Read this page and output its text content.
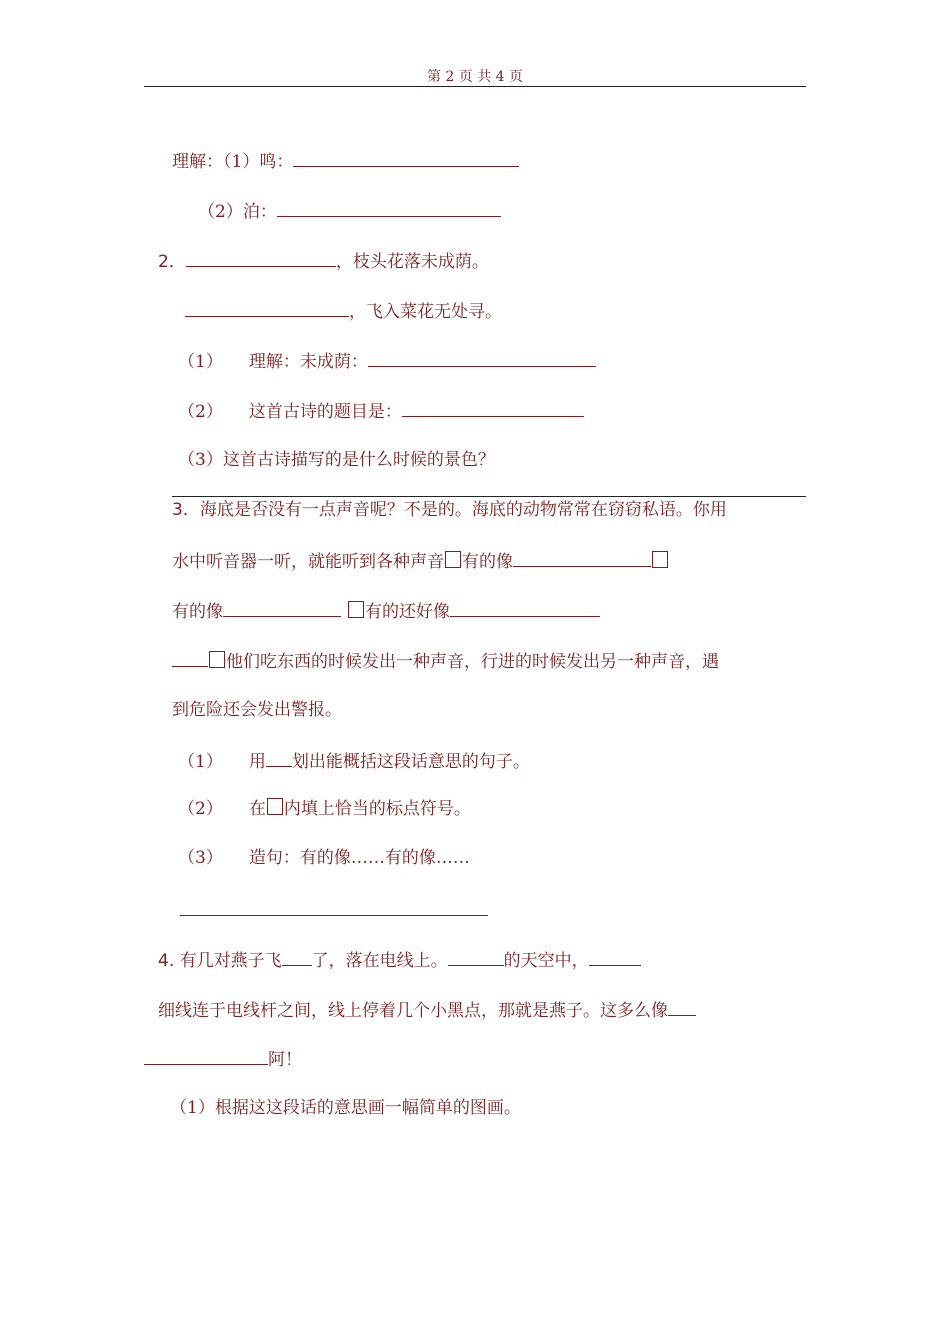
第 2 页 共 4 页
理解：（1）鸣：
（2）泊：
2．	，枝头花落未成荫。
，飞入菜花无处寻。
（1） 理解：未成荫：
（2） 这首古诗的题目是：
（3）这首古诗描写的是什么时候的景色？
3．海底是否没有一点声音呢？不是的。海底的动物常常在窃窃私语。你用
水中听音器一听，就能听到各种声音 有的像
有的像	有的还好像
他们吃东西的时候发出一种声音，行进的时候发出另一种声音，遇
到危险还会发出警报。
（1） 用 划出能概括这段话意思的句子。
（2） 在 内填上恰当的标点符号。
（3） 造句：有的像……有的像……
4. 有几对燕子飞 了，落在电线上。	的天空中，
细线连于电线杆之间，线上停着几个小黑点，那就是燕子。这多么像
阿！
（1）根据这这段话的意思画一幅简单的图画。
